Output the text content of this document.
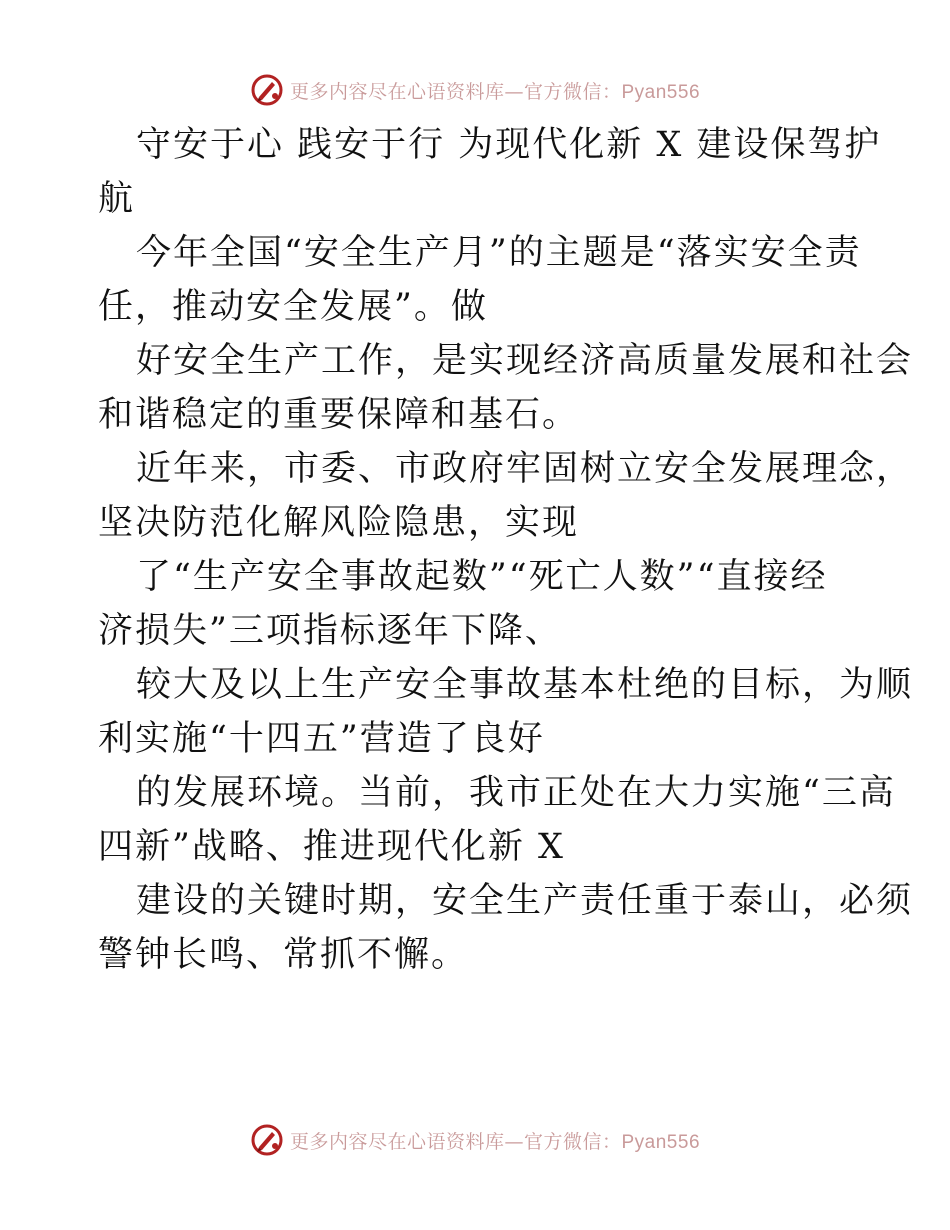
更多内容尽在心语资料库—官方微信：Pyan556
守安于心 践安于行 为现代化新 X 建设保驾护
航
今年全国“安全生产月”的主题是“落实安全责
任，推动安全发展”。做
好安全生产工作，是实现经济高质量发展和社会
和谐稳定的重要保障和基石。
近年来，市委、市政府牢固树立安全发展理念，
坚决防范化解风险隐患，实现
了“生产安全事故起数”“死亡人数”“直接经
济损失”三项指标逐年下降、
较大及以上生产安全事故基本杜绝的目标，为顺
利实施“十四五”营造了良好
的发展环境。当前，我市正处在大力实施“三高
四新”战略、推进现代化新 X
建设的关键时期，安全生产责任重于泰山，必须
警钟长鸣、常抓不懈。
更多内容尽在心语资料库—官方微信：Pyan556
